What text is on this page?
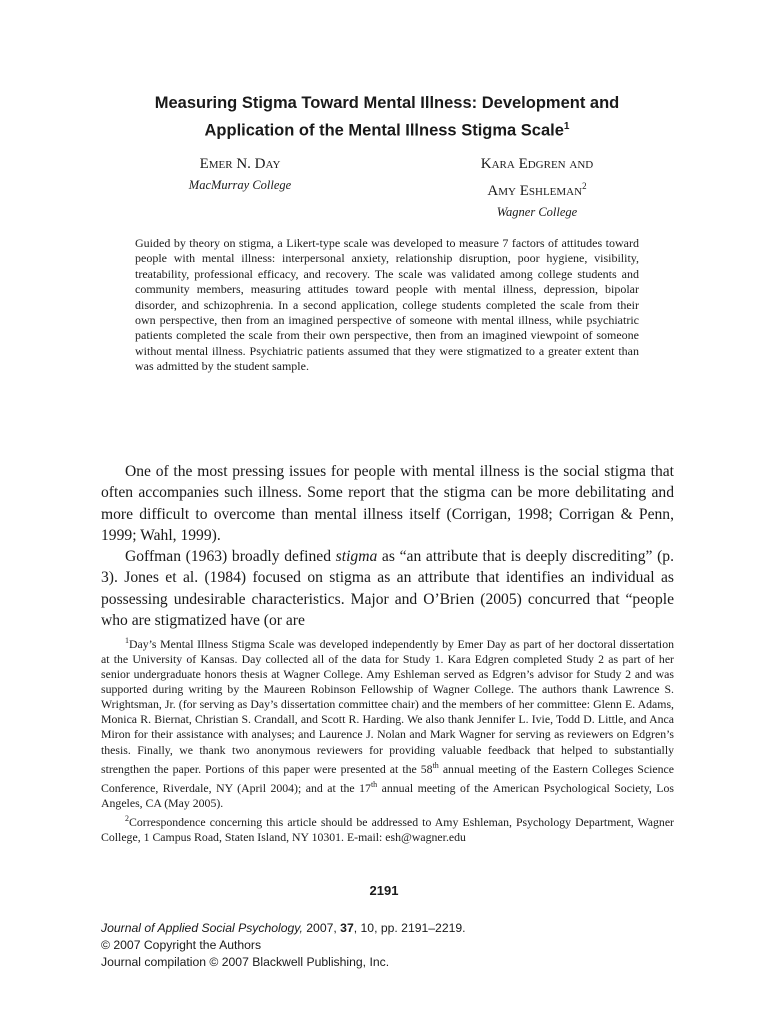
Measuring Stigma Toward Mental Illness: Development and
Application of the Mental Illness Stigma Scale$^1$
Emer N. Day
MacMurray College
Kara Edgren and
Amy Eshleman$^2$
Wagner College

Guided by theory on stigma, a Likert-type scale was developed to measure 7 factors of attitudes toward people with mental illness: interpersonal anxiety, relationship disruption, poor hygiene, visibility, treatability, professional efficacy, and recovery. The scale was validated among college students and community members, measuring attitudes toward people with mental illness, depression, bipolar disorder, and schizophrenia. In a second application, college students completed the scale from their own perspective, then from an imagined perspective of someone with mental illness, while psychiatric patients completed the scale from their own perspective, then from an imagined viewpoint of someone without mental illness. Psychiatric patients assumed that they were stigmatized to a greater extent than was admitted by the student sample.

One of the most pressing issues for people with mental illness is the social stigma that often accompanies such illness. Some report that the stigma can be more debilitating and more difficult to overcome than mental illness itself (Corrigan, 1998; Corrigan & Penn, 1999; Wahl, 1999).

Goffman (1963) broadly defined stigma as “an attribute that is deeply discrediting” (p. 3). Jones et al. (1984) focused on stigma as an attribute that identifies an individual as possessing undesirable characteristics. Major and O’Brien (2005) concurred that “people who are stigmatized have (or are

$^1$Day’s Mental Illness Stigma Scale was developed independently by Emer Day as part of her doctoral dissertation at the University of Kansas. Day collected all of the data for Study 1. Kara Edgren completed Study 2 as part of her senior undergraduate honors thesis at Wagner College. Amy Eshleman served as Edgren’s advisor for Study 2 and was supported during writing by the Maureen Robinson Fellowship of Wagner College. The authors thank Lawrence S. Wrightsman, Jr. (for serving as Day’s dissertation committee chair) and the members of her committee: Glenn E. Adams, Monica R. Biernat, Christian S. Crandall, and Scott R. Harding. We also thank Jennifer L. Ivie, Todd D. Little, and Anca Miron for their assistance with analyses; and Laurence J. Nolan and Mark Wagner for serving as reviewers on Edgren’s thesis. Finally, we thank two anonymous reviewers for providing valuable feedback that helped to substantially strengthen the paper. Portions of this paper were presented at the 58th annual meeting of the Eastern Colleges Science Conference, Riverdale, NY (April 2004); and at the 17th annual meeting of the American Psychological Society, Los Angeles, CA (May 2005).

$^2$Correspondence concerning this article should be addressed to Amy Eshleman, Psychology Department, Wagner College, 1 Campus Road, Staten Island, NY 10301. E-mail: esh@wagner.edu

2191
Journal of Applied Social Psychology, 2007, 37, 10, pp. 2191–2219.
© 2007 Copyright the Authors
Journal compilation © 2007 Blackwell Publishing, Inc.
